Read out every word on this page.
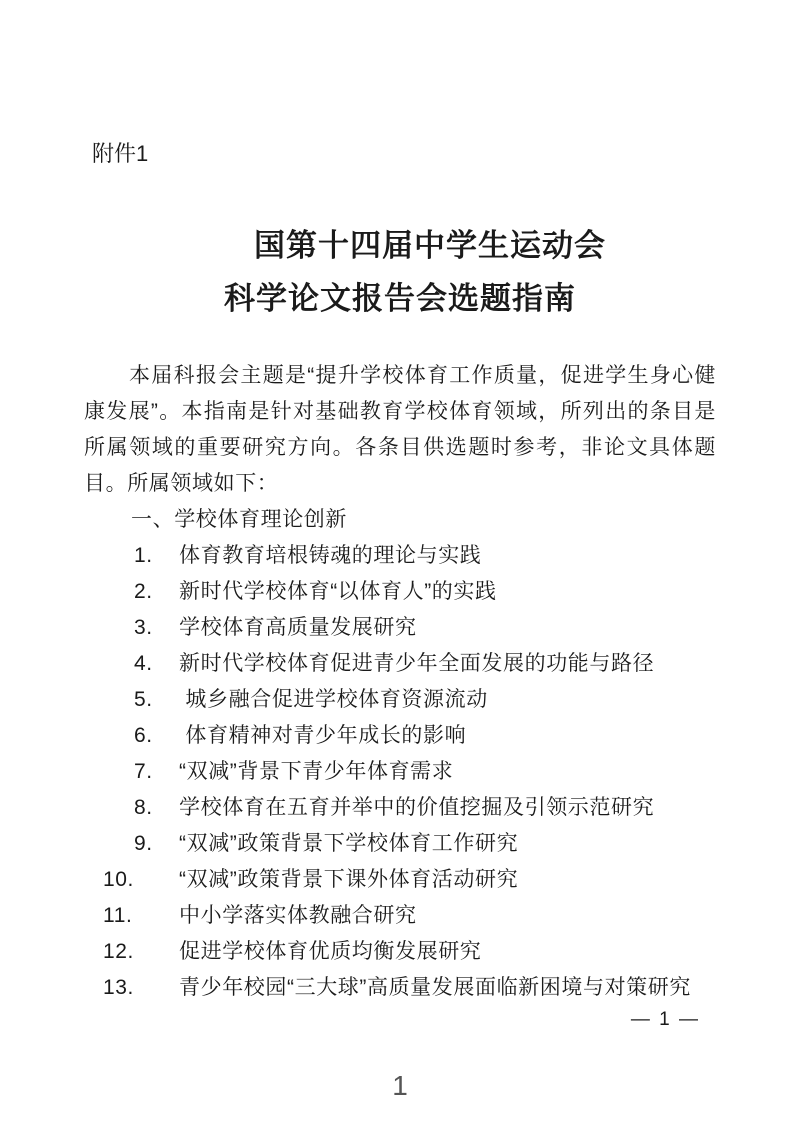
附件1
国第十四届中学生运动会
科学论文报告会选题指南

本届科报会主题是“提升学校体育工作质量，促进学生身心健康发展”。本指南是针对基础教育学校体育领域，所列出的条目是所属领域的重要研究方向。各条目供选题时参考，非论文具体题目。所属领域如下：

一、学校体育理论创新
1. 体育教育培根铸魂的理论与实践
2. 新时代学校体育“以体育人”的实践
3. 学校体育高质量发展研究
4. 新时代学校体育促进青少年全面发展的功能与路径
5. 城乡融合促进学校体育资源流动
6. 体育精神对青少年成长的影响
7. “双减”背景下青少年体育需求
8. 学校体育在五育并举中的价值挖掘及引领示范研究
9. “双减”政策背景下学校体育工作研究
10. “双减”政策背景下课外体育活动研究
11. 中小学落实体教融合研究
12. 促进学校体育优质均衡发展研究
13. 青少年校园“三大球”高质量发展面临新困境与对策研究
— 1 —
1
